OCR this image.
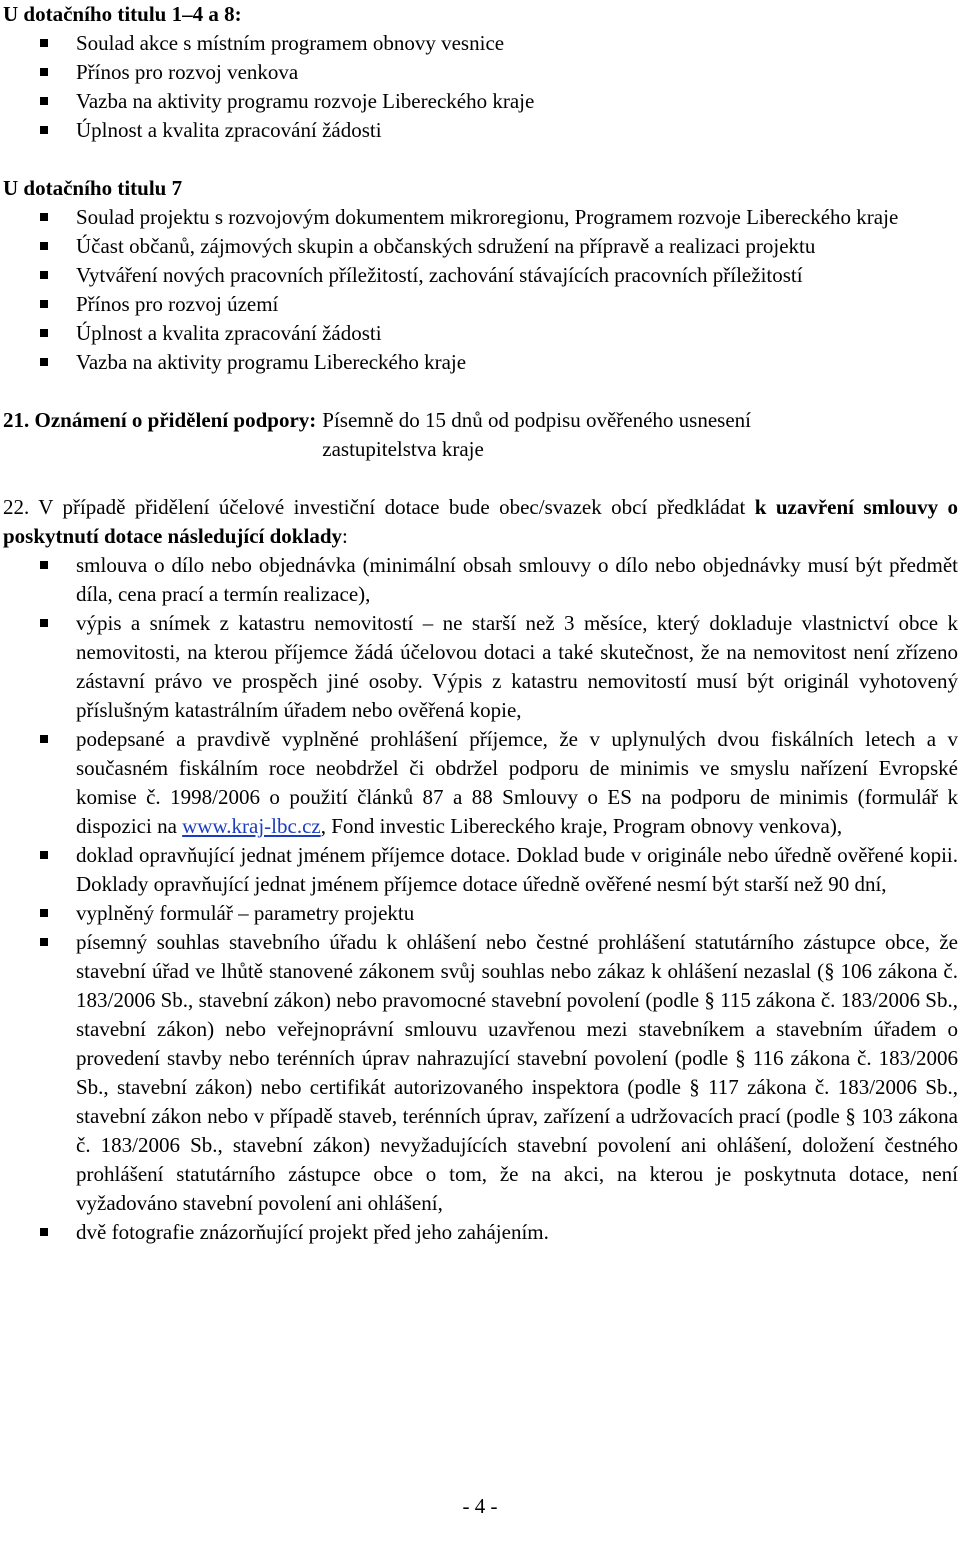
U dotačního titulu 1–4 a 8:

Soulad akce s místním programem obnovy vesnice
Přínos pro rozvoj venkova
Vazba na aktivity programu rozvoje Libereckého kraje
Úplnost a kvalita zpracování žádosti

U dotačního titulu 7

Soulad projektu s rozvojovým dokumentem mikroregionu, Programem rozvoje Libereckého kraje
Účast občanů, zájmových skupin a občanských sdružení na přípravě a realizaci projektu
Vytváření nových pracovních příležitostí, zachování stávajících pracovních příležitostí
Přínos pro rozvoj území
Úplnost a kvalita zpracování žádosti
Vazba na aktivity programu Libereckého kraje
21. Oznámení o přidělení podpory: Písemně do 15 dnů od podpisu ověřeného usnesení
zastupitelstva kraje

22. V případě přidělení účelové investiční dotace bude obec/svazek obcí předkládat k uzavření smlouvy o poskytnutí dotace následující doklady:

smlouva o dílo nebo objednávka (minimální obsah smlouvy o dílo nebo objednávky musí být předmět díla, cena prací a termín realizace),
výpis a snímek z katastru nemovitostí – ne starší než 3 měsíce, který dokladuje vlastnictví obce k nemovitosti, na kterou příjemce žádá účelovou dotaci a také skutečnost, že na nemovitost není zřízeno zástavní právo ve prospěch jiné osoby. Výpis z katastru nemovitostí musí být originál vyhotovený příslušným katastrálním úřadem nebo ověřená kopie,
podepsané a pravdivě vyplněné prohlášení příjemce, že v uplynulých dvou fiskálních letech a v současném fiskálním roce neobdržel či obdržel podporu de minimis ve smyslu nařízení Evropské komise č. 1998/2006 o použití článků 87 a 88 Smlouvy o ES na podporu de minimis (formulář k dispozici na www.kraj-lbc.cz, Fond investic Libereckého kraje, Program obnovy venkova),
doklad opravňující jednat jménem příjemce dotace. Doklad bude v originále nebo úředně ověřené kopii. Doklady opravňující jednat jménem příjemce dotace úředně ověřené nesmí být starší než 90 dní,
vyplněný formulář – parametry projektu
písemný souhlas stavebního úřadu k ohlášení nebo čestné prohlášení statutárního zástupce obce, že stavební úřad ve lhůtě stanovené zákonem svůj souhlas nebo zákaz k ohlášení nezaslal (§ 106 zákona č. 183/2006 Sb., stavební zákon) nebo pravomocné stavební povolení (podle § 115 zákona č. 183/2006 Sb., stavební zákon) nebo veřejnoprávní smlouvu uzavřenou mezi stavebníkem a stavebním úřadem o provedení stavby nebo terénních úprav nahrazující stavební povolení (podle § 116 zákona č. 183/2006 Sb., stavební zákon) nebo certifikát autorizovaného inspektora (podle § 117 zákona č. 183/2006 Sb., stavební zákon nebo v případě staveb, terénních úprav, zařízení a udržovacích prací (podle § 103 zákona č. 183/2006 Sb., stavební zákon) nevyžadujících stavební povolení ani ohlášení, doložení čestného prohlášení statutárního zástupce obce o tom, že na akci, na kterou je poskytnuta dotace, není vyžadováno stavební povolení ani ohlášení,
dvě fotografie znázorňující projekt před jeho zahájením.
- 4 -
